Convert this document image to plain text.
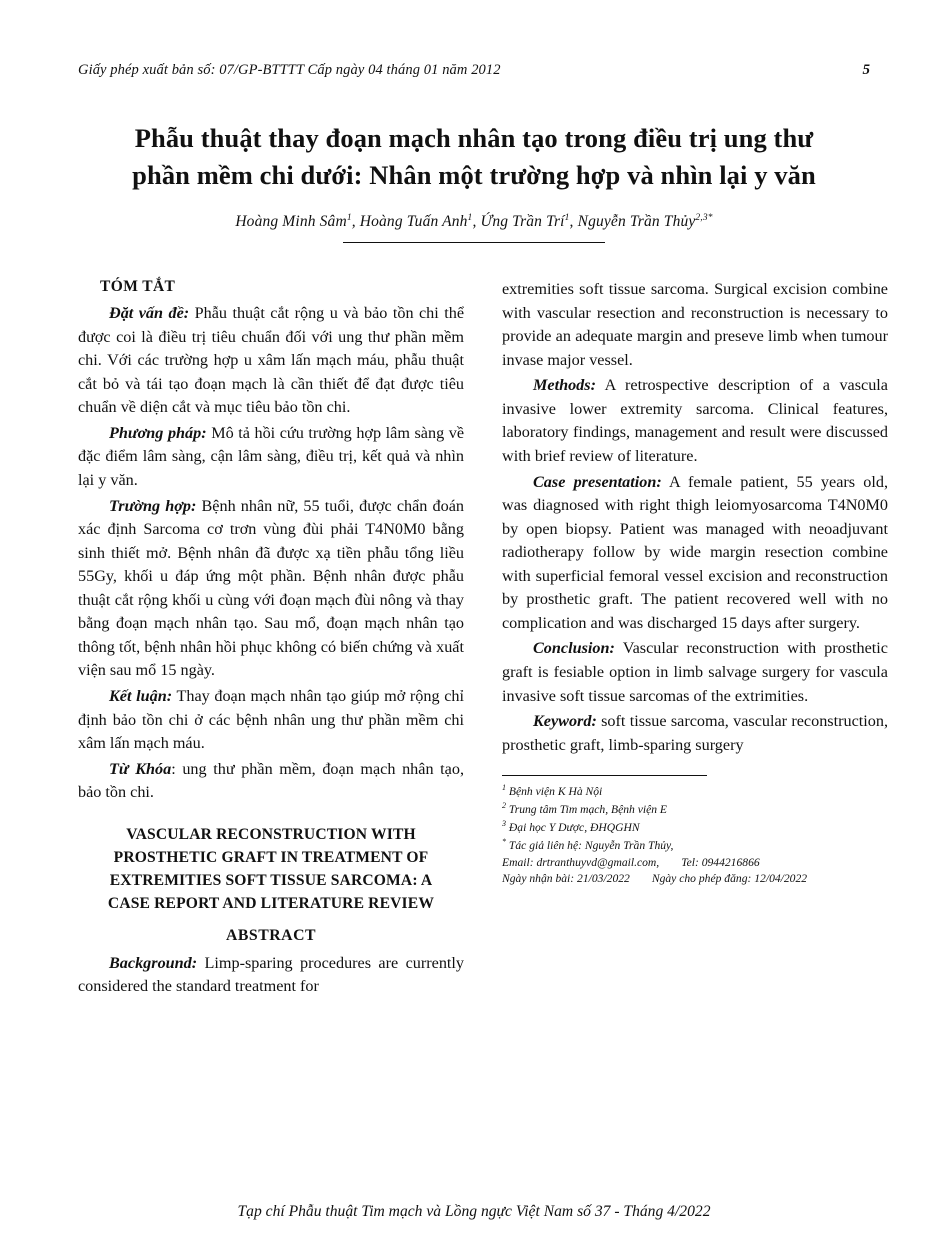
Giấy phép xuất bản số: 07/GP-BTTTT Cấp ngày 04 tháng 01 năm 2012	5
Phẫu thuật thay đoạn mạch nhân tạo trong điều trị ung thư
phần mềm chi dưới: Nhân một trường hợp và nhìn lại y văn
Hoàng Minh Sâm$^1$, Hoàng Tuấn Anh$^1$, Ứng Trần Trí$^1$, Nguyễn Trần Thủy$^{2,3*}$
TÓM TẮT

Đặt vấn đề: Phẫu thuật cắt rộng u và bảo tồn chi thể được coi là điều trị tiêu chuẩn đối với ung thư phần mềm chi. Với các trường hợp u xâm lấn mạch máu, phẫu thuật cắt bỏ và tái tạo đoạn mạch là cần thiết để đạt được tiêu chuẩn về diện cắt và mục tiêu bảo tồn chi.

Phương pháp: Mô tả hồi cứu trường hợp lâm sàng về đặc điểm lâm sàng, cận lâm sàng, điều trị, kết quả và nhìn lại y văn.

Trường hợp: Bệnh nhân nữ, 55 tuổi, được chẩn đoán xác định Sarcoma cơ trơn vùng đùi phải T4N0M0 bằng sinh thiết mở. Bệnh nhân đã được xạ tiền phẫu tổng liều 55Gy, khối u đáp ứng một phần. Bệnh nhân được phẫu thuật cắt rộng khối u cùng với đoạn mạch đùi nông và thay bằng đoạn mạch nhân tạo. Sau mổ, đoạn mạch nhân tạo thông tốt, bệnh nhân hồi phục không có biến chứng và xuất viện sau mổ 15 ngày.

Kết luận: Thay đoạn mạch nhân tạo giúp mở rộng chỉ định bảo tồn chi ở các bệnh nhân ung thư phần mềm chi xâm lấn mạch máu.

Từ Khóa: ung thư phần mềm, đoạn mạch nhân tạo, bảo tồn chi.

VASCULAR RECONSTRUCTION WITH
PROSTHETIC GRAFT IN TREATMENT OF
EXTREMITIES SOFT TISSUE SARCOMA: A
CASE REPORT AND LITERATURE REVIEW
ABSTRACT

Background: Limp-sparing procedures are currently considered the standard treatment for

extremities soft tissue sarcoma. Surgical excision combine with vascular resection and reconstruction is necessary to provide an adequate margin and preseve limb when tumour invase major vessel.

Methods: A retrospective description of a vascula invasive lower extremity sarcoma. Clinical features, laboratory findings, management and result were discussed with brief review of literature.

Case presentation: A female patient, 55 years old, was diagnosed with right thigh leiomyosarcoma T4N0M0 by open biopsy. Patient was managed with neoadjuvant radiotherapy follow by wide margin resection combine with superficial femoral vessel excision and reconstruction by prosthetic graft. The patient recovered well with no complication and was discharged 15 days after surgery.

Conclusion: Vascular reconstruction with prosthetic graft is fesiable option in limb salvage surgery for vascula invasive soft tissue sarcomas of the extrimities.

Keyword: soft tissue sarcoma, vascular reconstruction, prosthetic graft, limb-sparing surgery

$^1$ Bệnh viện K Hà Nội
$^2$ Trung tâm Tim mạch, Bệnh viện E
$^3$ Đại học Y Dược, ĐHQGHN
* Tác giả liên hệ: Nguyễn Trần Thủy,
Email: drtranthuyvd@gmail.com, Tel: 0944216866
Ngày nhận bài: 21/03/2022 Ngày cho phép đăng: 12/04/2022
Tạp chí Phẫu thuật Tim mạch và Lồng ngực Việt Nam số 37 - Tháng 4/2022
